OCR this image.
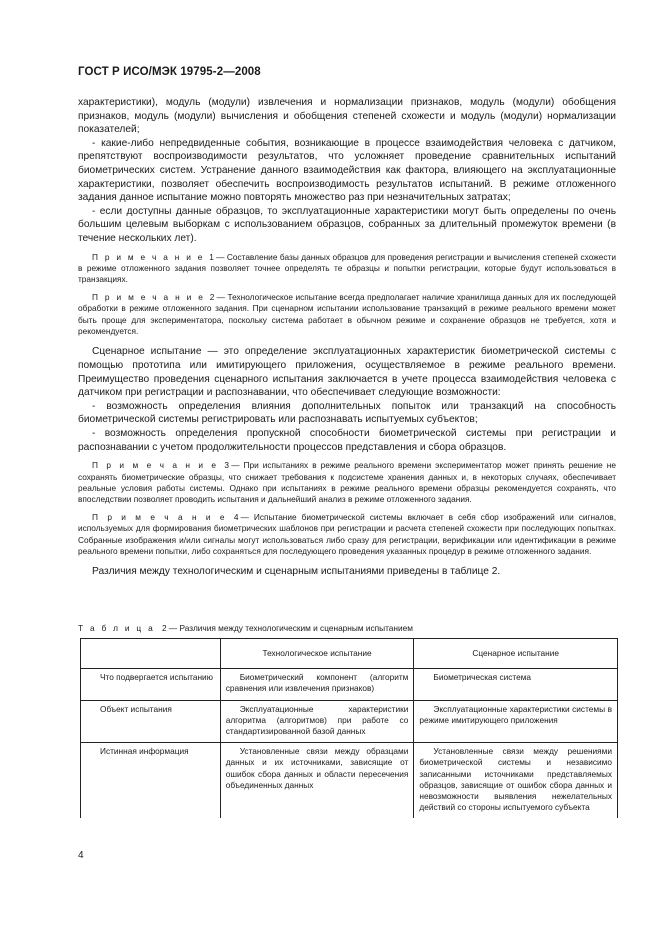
ГОСТ Р ИСО/МЭК 19795-2—2008

характеристики), модуль (модули) извлечения и нормализации признаков, модуль (модули) обобщения признаков, модуль (модули) вычисления и обобщения степеней схожести и модуль (модули) нормализации показателей;

- какие-либо непредвиденные события, возникающие в процессе взаимодействия человека с датчиком, препятствуют воспроизводимости результатов, что усложняет проведение сравнительных испытаний биометрических систем. Устранение данного взаимодействия как фактора, влияющего на эксплуатационные характеристики, позволяет обеспечить воспроизводимость результатов испытаний. В режиме отложенного задания данное испытание можно повторять множество раз при незначительных затратах;

- если доступны данные образцов, то эксплуатационные характеристики могут быть определены по очень большим целевым выборкам с использованием образцов, собранных за длительный промежуток времени (в течение нескольких лет).

П р и м е ч а н и е 1— Составление базы данных образцов для проведения регистрации и вычисления степеней схожести в режиме отложенного задания позволяет точнее определять те образцы и попытки регистрации, которые будут использоваться в транзакциях.

П р и м е ч а н и е 2— Технологическое испытание всегда предполагает наличие хранилища данных для их последующей обработки в режиме отложенного задания. При сценарном испытании использование транзакций в режиме реального времени может быть проще для экспериментатора, поскольку система работает в обычном режиме и сохранение образцов не требуется, хотя и рекомендуется.

Сценарное испытание — это определение эксплуатационных характеристик биометрической системы с помощью прототипа или имитирующего приложения, осуществляемое в режиме реального времени. Преимущество проведения сценарного испытания заключается в учете процесса взаимодействия человека с датчиком при регистрации и распознавании, что обеспечивает следующие возможности:

- возможность определения влияния дополнительных попыток или транзакций на способность биометрической системы регистрировать или распознавать испытуемых субъектов;

- возможность определения пропускной способности биометрической системы при регистрации и распознавании с учетом продолжительности процессов представления и сбора образцов.

П р и м е ч а н и е 3— При испытаниях в режиме реального времени экспериментатор может принять решение не сохранять биометрические образцы, что снижает требования к подсистеме хранения данных и, в некоторых случаях, обеспечивает реальные условия работы системы. Однако при испытаниях в режиме реального времени образцы рекомендуется сохранять, что впоследствии позволяет проводить испытания и дальнейший анализ в режиме отложенного задания.

П р и м е ч а н и е 4— Испытание биометрической системы включает в себя сбор изображений или сигналов, используемых для формирования биометрических шаблонов при регистрации и расчета степеней схожести при последующих попытках. Собранные изображения и/или сигналы могут использоваться либо сразу для регистрации, верификации или идентификации в режиме реального времени попытки, либо сохраняться для последующего проведения указанных процедур в режиме отложенного задания.

Различия между технологическим и сценарным испытаниями приведены в таблице 2.

Т а б л и ц а 2 — Различия между технологическим и сценарным испытанием
	Технологическое испытание	Сценарное испытание
Что подвергается испытанию	Биометрический компонент (алгоритм сравнения или извлечения признаков)	Биометрическая система
Объект испытания	Эксплуатационные характеристики алгоритма (алгоритмов) при работе со стандартизированной базой данных	Эксплуатационные характеристики системы в режиме имитирующего приложения
Истинная информация	Установленные связи между образцами данных и их источниками, зависящие от ошибок сбора данных и области пересечения объединенных данных	Установленные связи между решениями биометрической системы и независимо записанными источниками представляемых образцов, зависящие от ошибок сбора данных и невозможности выявления нежелательных действий со стороны испытуемого субъекта
4
